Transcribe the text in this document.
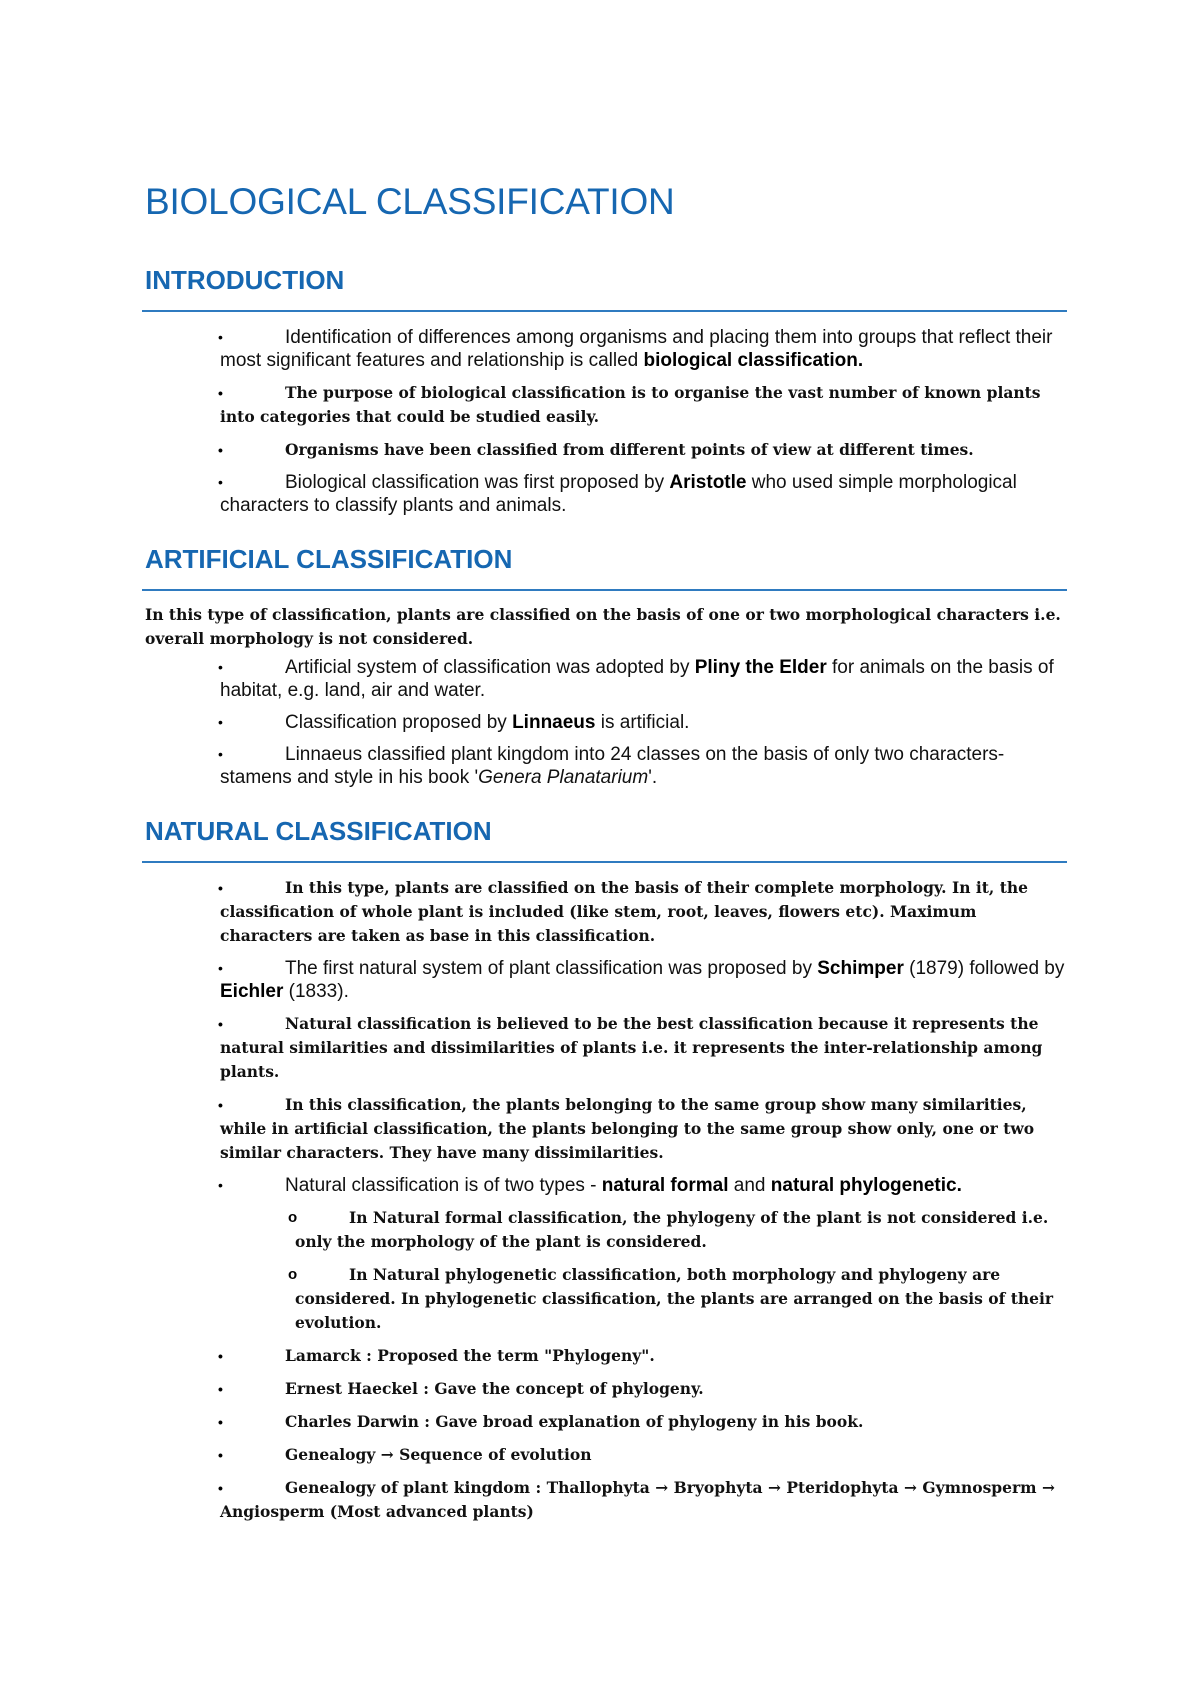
BIOLOGICAL CLASSIFICATION
INTRODUCTION
•	Identification of differences among organisms and placing them into groups that reflect their most significant features and relationship is called biological classification.
•	The purpose of biological classification is to organise the vast number of known plants into categories that could be studied easily.
•	Organisms have been classified from different points of view at different times.
•	Biological classification was first proposed by Aristotle who used simple morphological characters to classify plants and animals.
ARTIFICIAL CLASSIFICATION

In this type of classification, plants are classified on the basis of one or two morphological characters i.e. overall morphology is not considered.

•	Artificial system of classification was adopted by Pliny the Elder for animals on the basis of habitat, e.g. land, air and water.
•	Classification proposed by Linnaeus is artificial.
•	Linnaeus classified plant kingdom into 24 classes on the basis of only two characters-stamens and style in his book 'Genera Planatarium'.
NATURAL CLASSIFICATION
•	In this type, plants are classified on the basis of their complete morphology. In it, the classification of whole plant is included (like stem, root, leaves, flowers etc). Maximum characters are taken as base in this classification.
•	The first natural system of plant classification was proposed by Schimper (1879) followed by Eichler (1833).
•	Natural classification is believed to be the best classification because it represents the natural similarities and dissimilarities of plants i.e. it represents the inter-relationship among plants.
•	In this classification, the plants belonging to the same group show many similarities, while in artificial classification, the plants belonging to the same group show only, one or two similar characters. They have many dissimilarities.
•	Natural classification is of two types - natural formal and natural phylogenetic.
o	In Natural formal classification, the phylogeny of the plant is not considered i.e. only the morphology of the plant is considered.
o	In Natural phylogenetic classification, both morphology and phylogeny are considered. In phylogenetic classification, the plants are arranged on the basis of their evolution.
•	Lamarck : Proposed the term "Phylogeny".
•	Ernest Haeckel : Gave the concept of phylogeny.
•	Charles Darwin : Gave broad explanation of phylogeny in his book.
•	Genealogy → Sequence of evolution
•	Genealogy of plant kingdom : Thallophyta → Bryophyta → Pteridophyta → Gymnosperm → Angiosperm (Most advanced plants)
